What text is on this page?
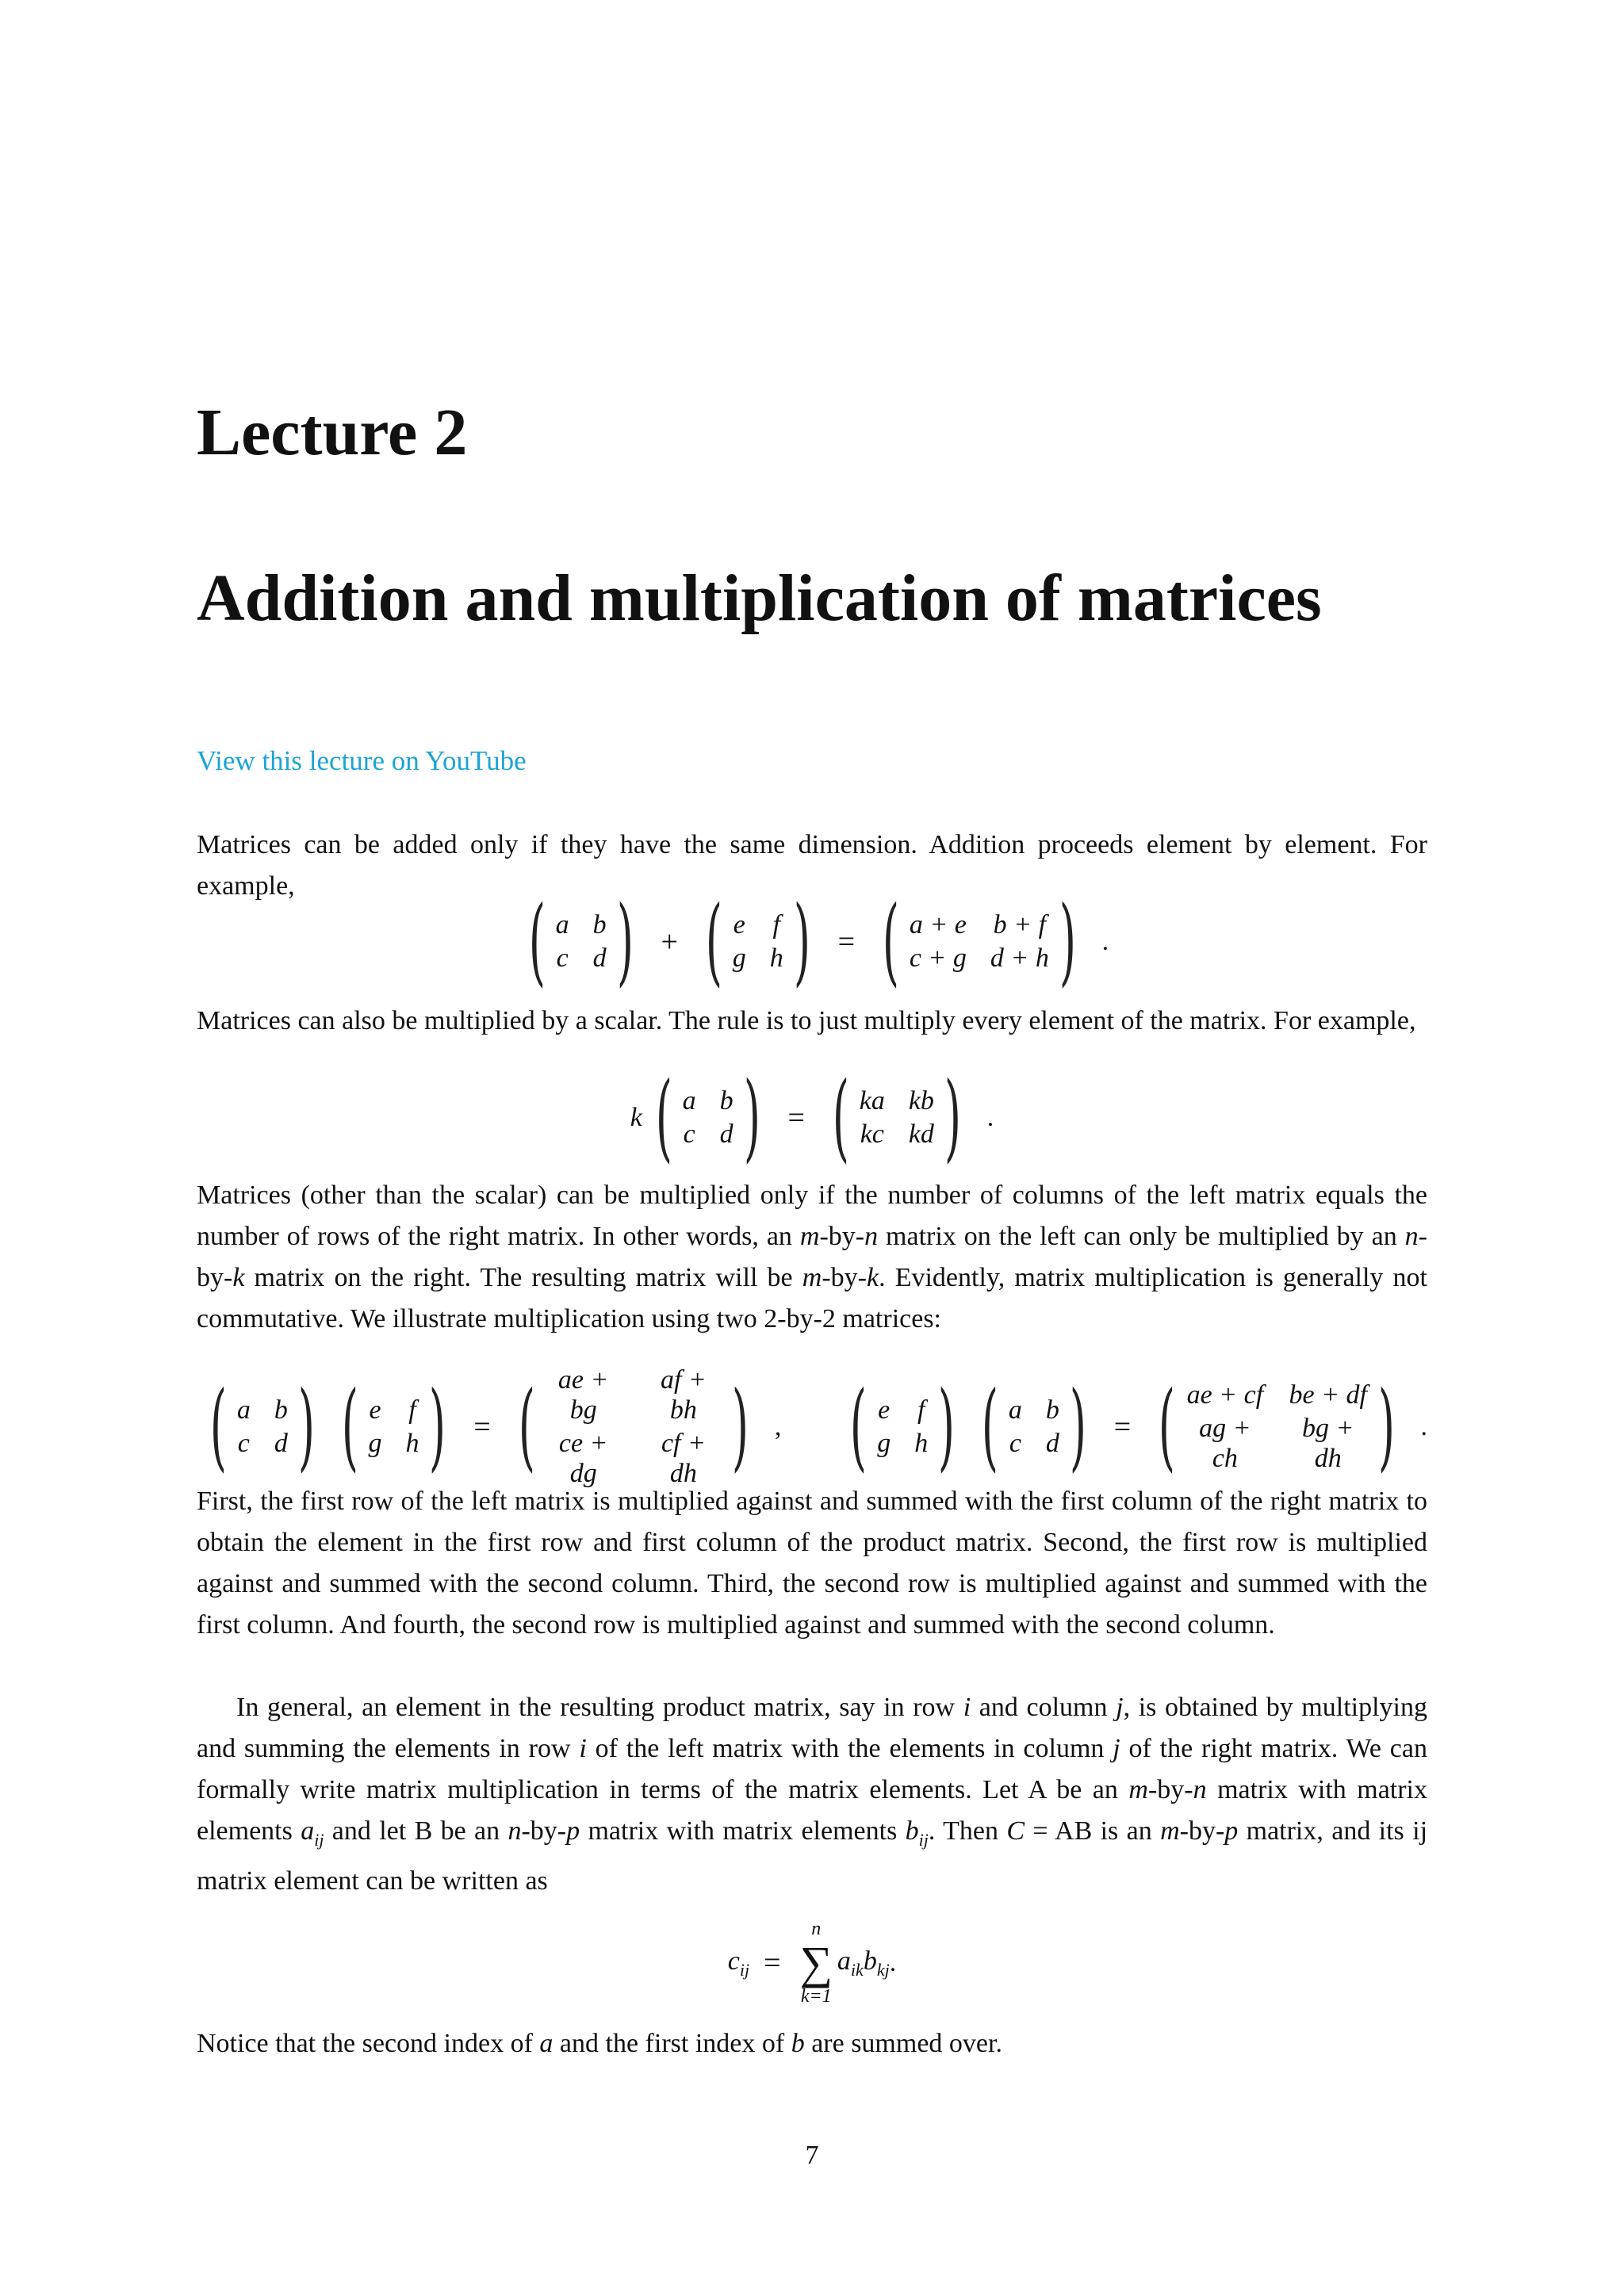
Lecture 2
Addition and multiplication of matrices
View this lecture on YouTube

Matrices can be added only if they have the same dimension. Addition proceeds element by element. For example,

( a b
c d ) + ( e f
g h ) = ( a + e b + f
c + g d + h ) .

Matrices can also be multiplied by a scalar. The rule is to just multiply every element of the matrix. For example,

k ( a b
c d ) = ( ka kb
kc kd ) .

Matrices (other than the scalar) can be multiplied only if the number of columns of the left matrix equals the number of rows of the right matrix. In other words, an m-by-n matrix on the left can only be multiplied by an n-by-k matrix on the right. The resulting matrix will be m-by-k. Evidently, matrix multiplication is generally not commutative. We illustrate multiplication using two 2-by-2 matrices:

( a b
c d ) ( e f
g h ) = ( ae + bg
af + bh
ce + dg
cf + dh ) , ( e f
g h ) ( a b
c d ) = ( ae + cf be + df
ag + ch
bg + dh ) .

First, the first row of the left matrix is multiplied against and summed with the first column of the right matrix to obtain the element in the first row and first column of the product matrix. Second, the first row is multiplied against and summed with the second column. Third, the second row is multiplied against and summed with the first column. And fourth, the second row is multiplied against and summed with the second column.

In general, an element in the resulting product matrix, say in row i and column j, is obtained by multiplying and summing the elements in row i of the left matrix with the elements in column j of the right matrix. We can formally write matrix multiplication in terms of the matrix elements. Let A be an m-by-n matrix with matrix elements $a_{ij}$ and let B be an n-by-p matrix with matrix elements $b_{ij}$. Then C = AB is an m-by-p matrix, and its ij matrix element can be written as

$c_{ij}$ =
n
∑
k=1
$a_{ik}$ $b_{kj}$ .

Notice that the second index of a and the first index of b are summed over.

7
